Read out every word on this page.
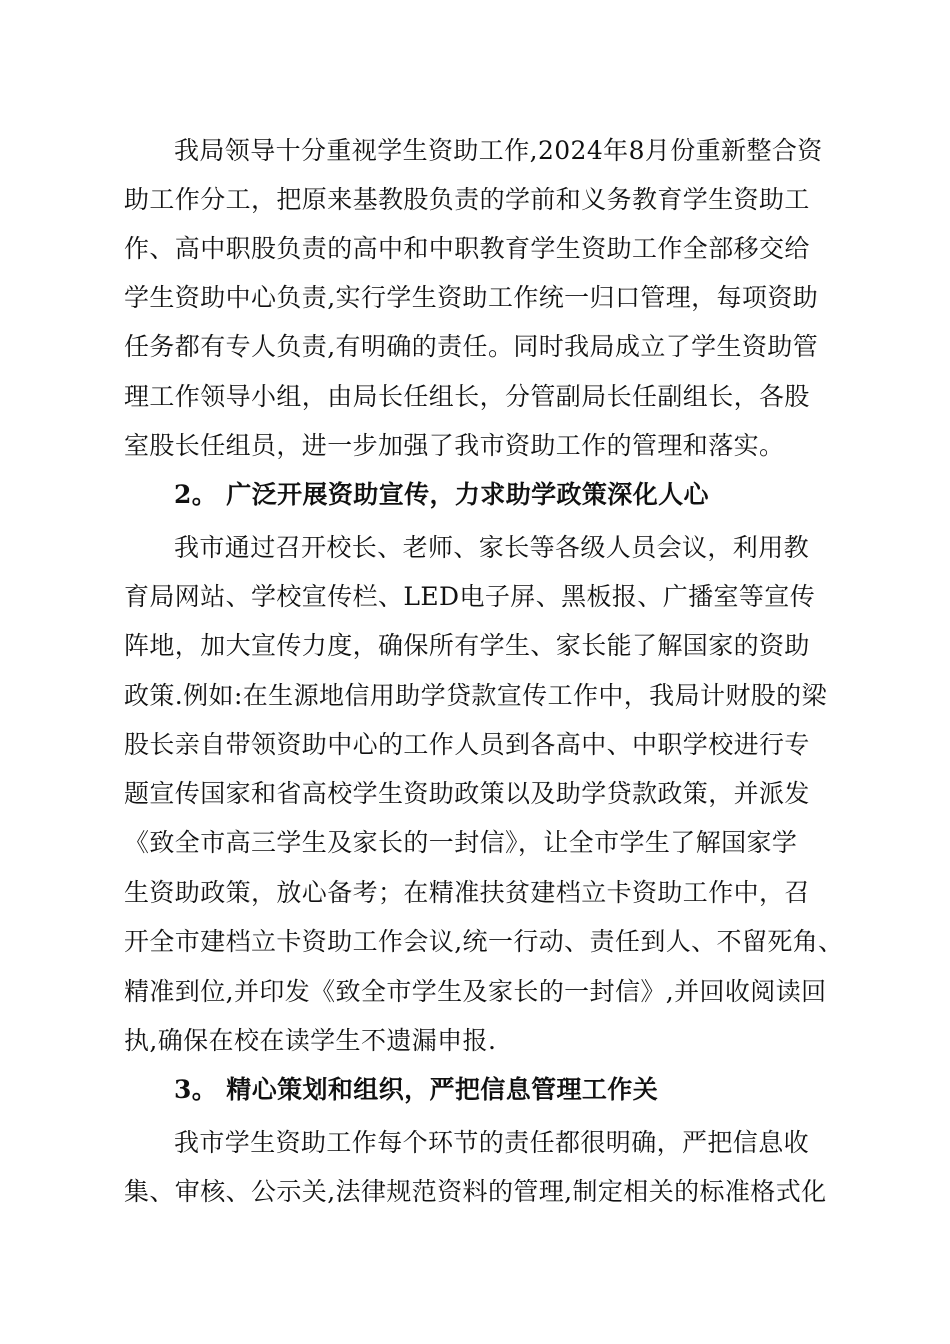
我局领导十分重视学生资助工作,2024年8月份重新整合资
助工作分工，把原来基教股负责的学前和义务教育学生资助工
作、高中职股负责的高中和中职教育学生资助工作全部移交给
学生资助中心负责,实行学生资助工作统一归口管理，每项资助
任务都有专人负责,有明确的责任。同时我局成立了学生资助管
理工作领导小组，由局长任组长，分管副局长任副组长，各股
室股长任组员，进一步加强了我市资助工作的管理和落实。
2。 广泛开展资助宣传，力求助学政策深化人心
我市通过召开校长、老师、家长等各级人员会议，利用教
育局网站、学校宣传栏、LED电子屏、黑板报、广播室等宣传
阵地，加大宣传力度，确保所有学生、家长能了解国家的资助
政策.例如:在生源地信用助学贷款宣传工作中，我局计财股的梁
股长亲自带领资助中心的工作人员到各高中、中职学校进行专
题宣传国家和省高校学生资助政策以及助学贷款政策，并派发
《致全市高三学生及家长的一封信》，让全市学生了解国家学
生资助政策，放心备考；在精准扶贫建档立卡资助工作中，召
开全市建档立卡资助工作会议,统一行动、责任到人、不留死角、
精准到位,并印发《致全市学生及家长的一封信》,并回收阅读回
执,确保在校在读学生不遗漏申报.
3。 精心策划和组织，严把信息管理工作关
我市学生资助工作每个环节的责任都很明确，严把信息收
集、审核、公示关,法律规范资料的管理,制定相关的标准格式化
